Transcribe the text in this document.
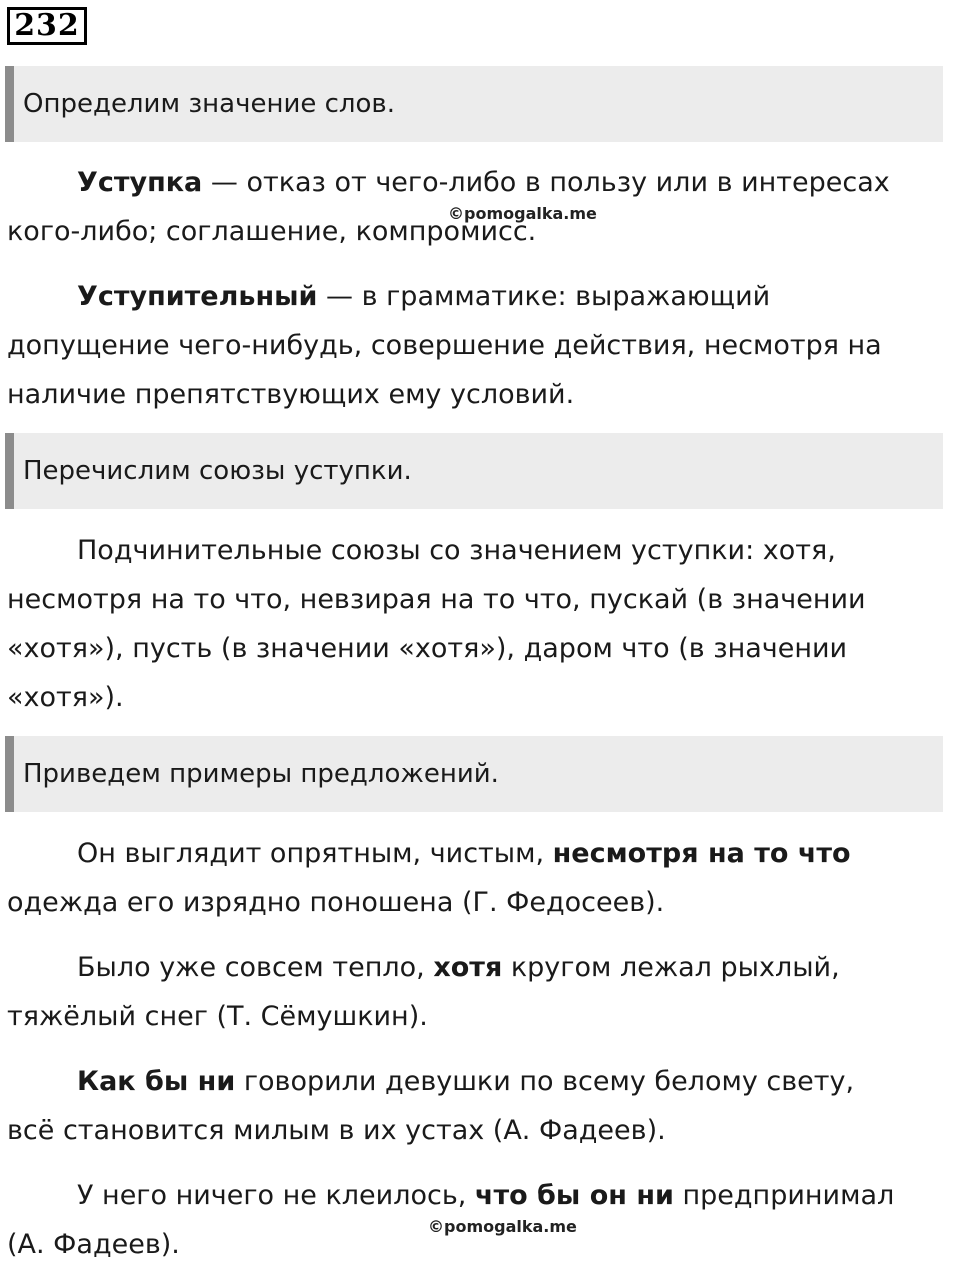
232
Определим значение слов.
Уступка — отказ от чего-либо в пользу или в интересах
кого-либо; соглашение, компромисс.
©pomogalka.me
Уступительный — в грамматике: выражающий
допущение чего-нибудь, совершение действия, несмотря на
наличие препятствующих ему условий.
Перечислим союзы уступки.
Подчинительные союзы со значением уступки: хотя,
несмотря на то что, невзирая на то что, пускай (в значении
«хотя»), пусть (в значении «хотя»), даром что (в значении
«хотя»).
Приведем примеры предложений.
Он выглядит опрятным, чистым, несмотря на то что
одежда его изрядно поношена (Г. Федосеев).
Было уже совсем тепло, хотя кругом лежал рыхлый,
тяжёлый снег (Т. Сёмушкин).
Как бы ни говорили девушки по всему белому свету,
всё становится милым в их устах (А. Фадеев).
У него ничего не клеилось, что бы он ни предпринимал
(А. Фадеев).
©pomogalka.me
